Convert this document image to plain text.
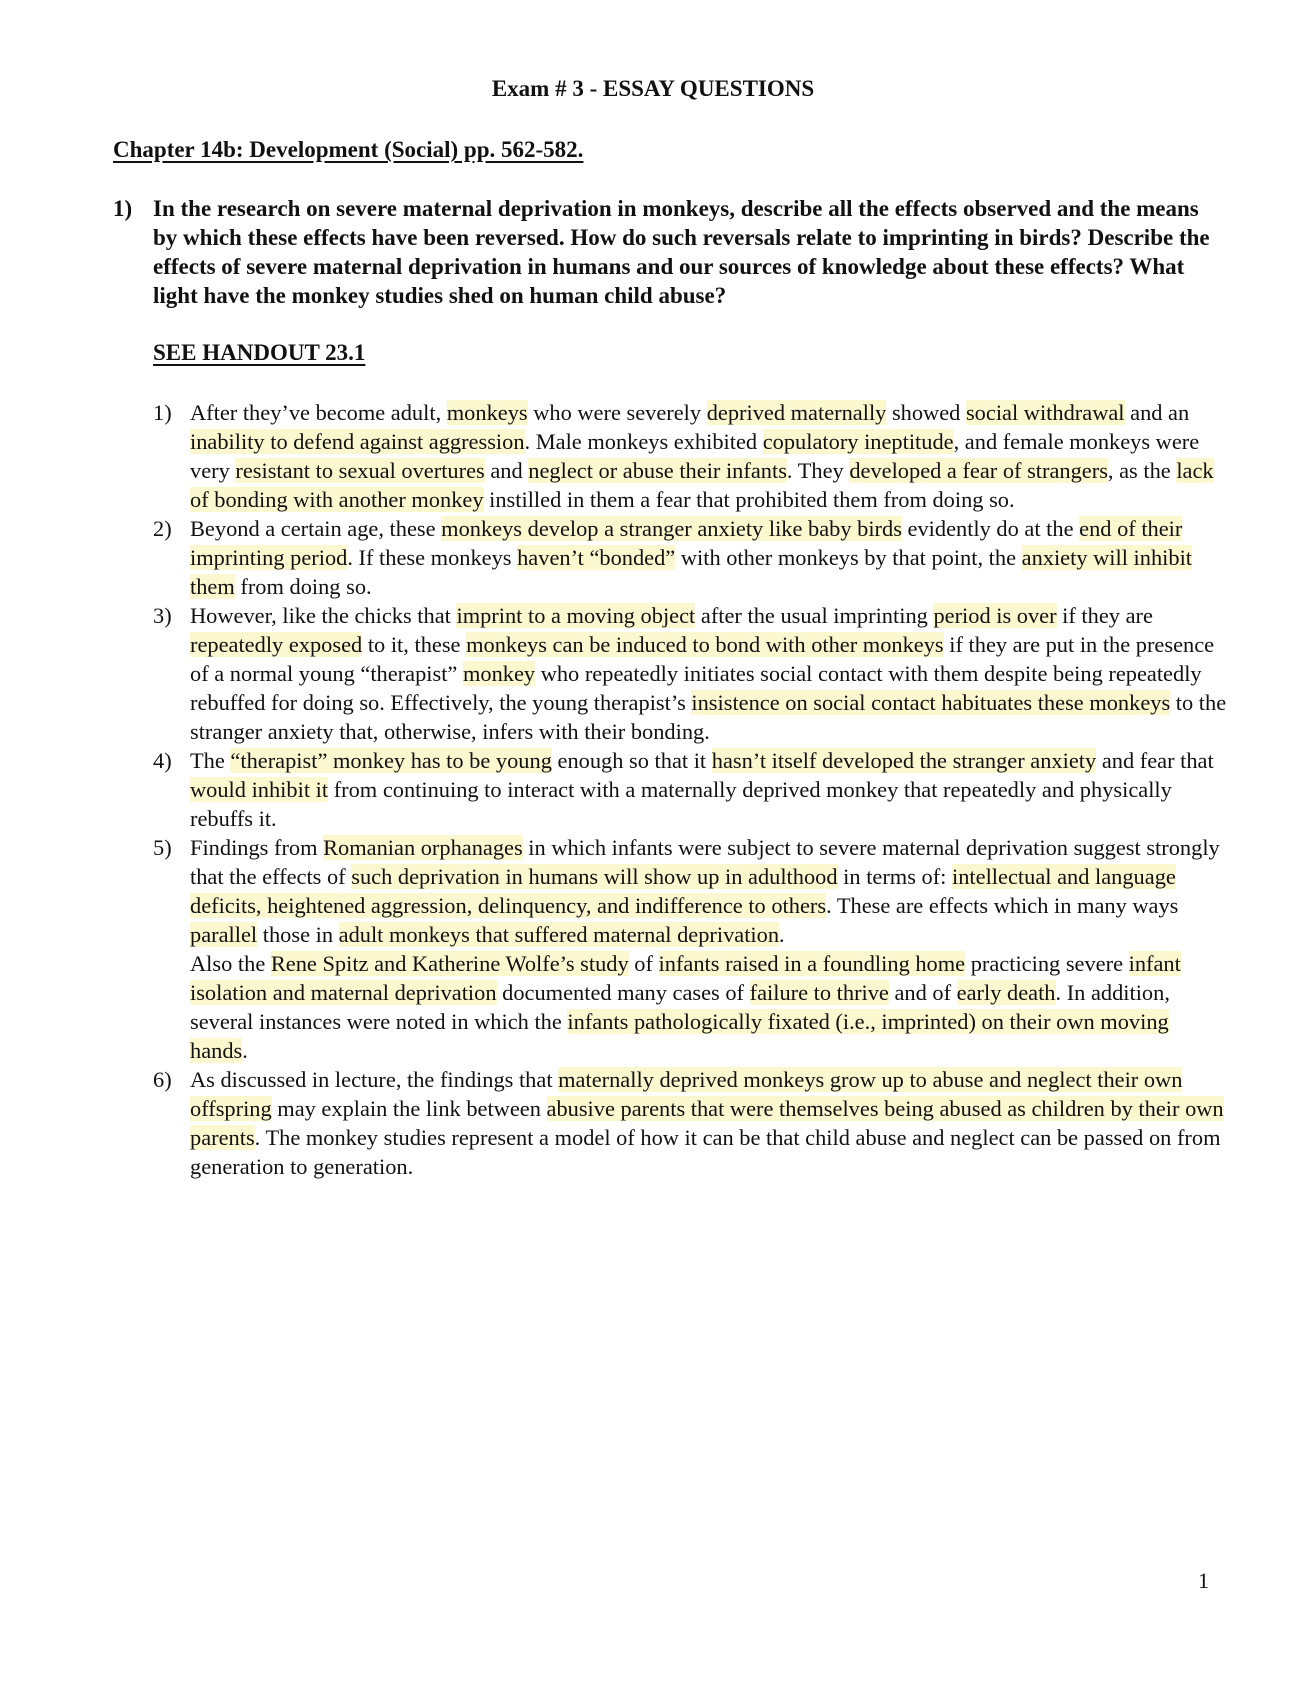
Exam # 3 - ESSAY QUESTIONS
Chapter 14b: Development (Social) pp. 562-582.
1) In the research on severe maternal deprivation in monkeys, describe all the effects observed and the means by which these effects have been reversed. How do such reversals relate to imprinting in birds? Describe the effects of severe maternal deprivation in humans and our sources of knowledge about these effects? What light have the monkey studies shed on human child abuse?
SEE HANDOUT 23.1
1) After they’ve become adult, monkeys who were severely deprived maternally showed social withdrawal and an inability to defend against aggression. Male monkeys exhibited copulatory ineptitude, and female monkeys were very resistant to sexual overtures and neglect or abuse their infants. They developed a fear of strangers, as the lack of bonding with another monkey instilled in them a fear that prohibited them from doing so.
2) Beyond a certain age, these monkeys develop a stranger anxiety like baby birds evidently do at the end of their imprinting period. If these monkeys haven’t “bonded” with other monkeys by that point, the anxiety will inhibit them from doing so.
3) However, like the chicks that imprint to a moving object after the usual imprinting period is over if they are repeatedly exposed to it, these monkeys can be induced to bond with other monkeys if they are put in the presence of a normal young “therapist” monkey who repeatedly initiates social contact with them despite being repeatedly rebuffed for doing so. Effectively, the young therapist’s insistence on social contact habituates these monkeys to the stranger anxiety that, otherwise, infers with their bonding.
4) The “therapist” monkey has to be young enough so that it hasn’t itself developed the stranger anxiety and fear that would inhibit it from continuing to interact with a maternally deprived monkey that repeatedly and physically rebuffs it.
5) Findings from Romanian orphanages in which infants were subject to severe maternal deprivation suggest strongly that the effects of such deprivation in humans will show up in adulthood in terms of: intellectual and language deficits, heightened aggression, delinquency, and indifference to others. These are effects which in many ways parallel those in adult monkeys that suffered maternal deprivation.
Also the Rene Spitz and Katherine Wolfe’s study of infants raised in a foundling home practicing severe infant isolation and maternal deprivation documented many cases of failure to thrive and of early death. In addition, several instances were noted in which the infants pathologically fixated (i.e., imprinted) on their own moving hands.
6) As discussed in lecture, the findings that maternally deprived monkeys grow up to abuse and neglect their own offspring may explain the link between abusive parents that were themselves being abused as children by their own parents. The monkey studies represent a model of how it can be that child abuse and neglect can be passed on from generation to generation.
1
